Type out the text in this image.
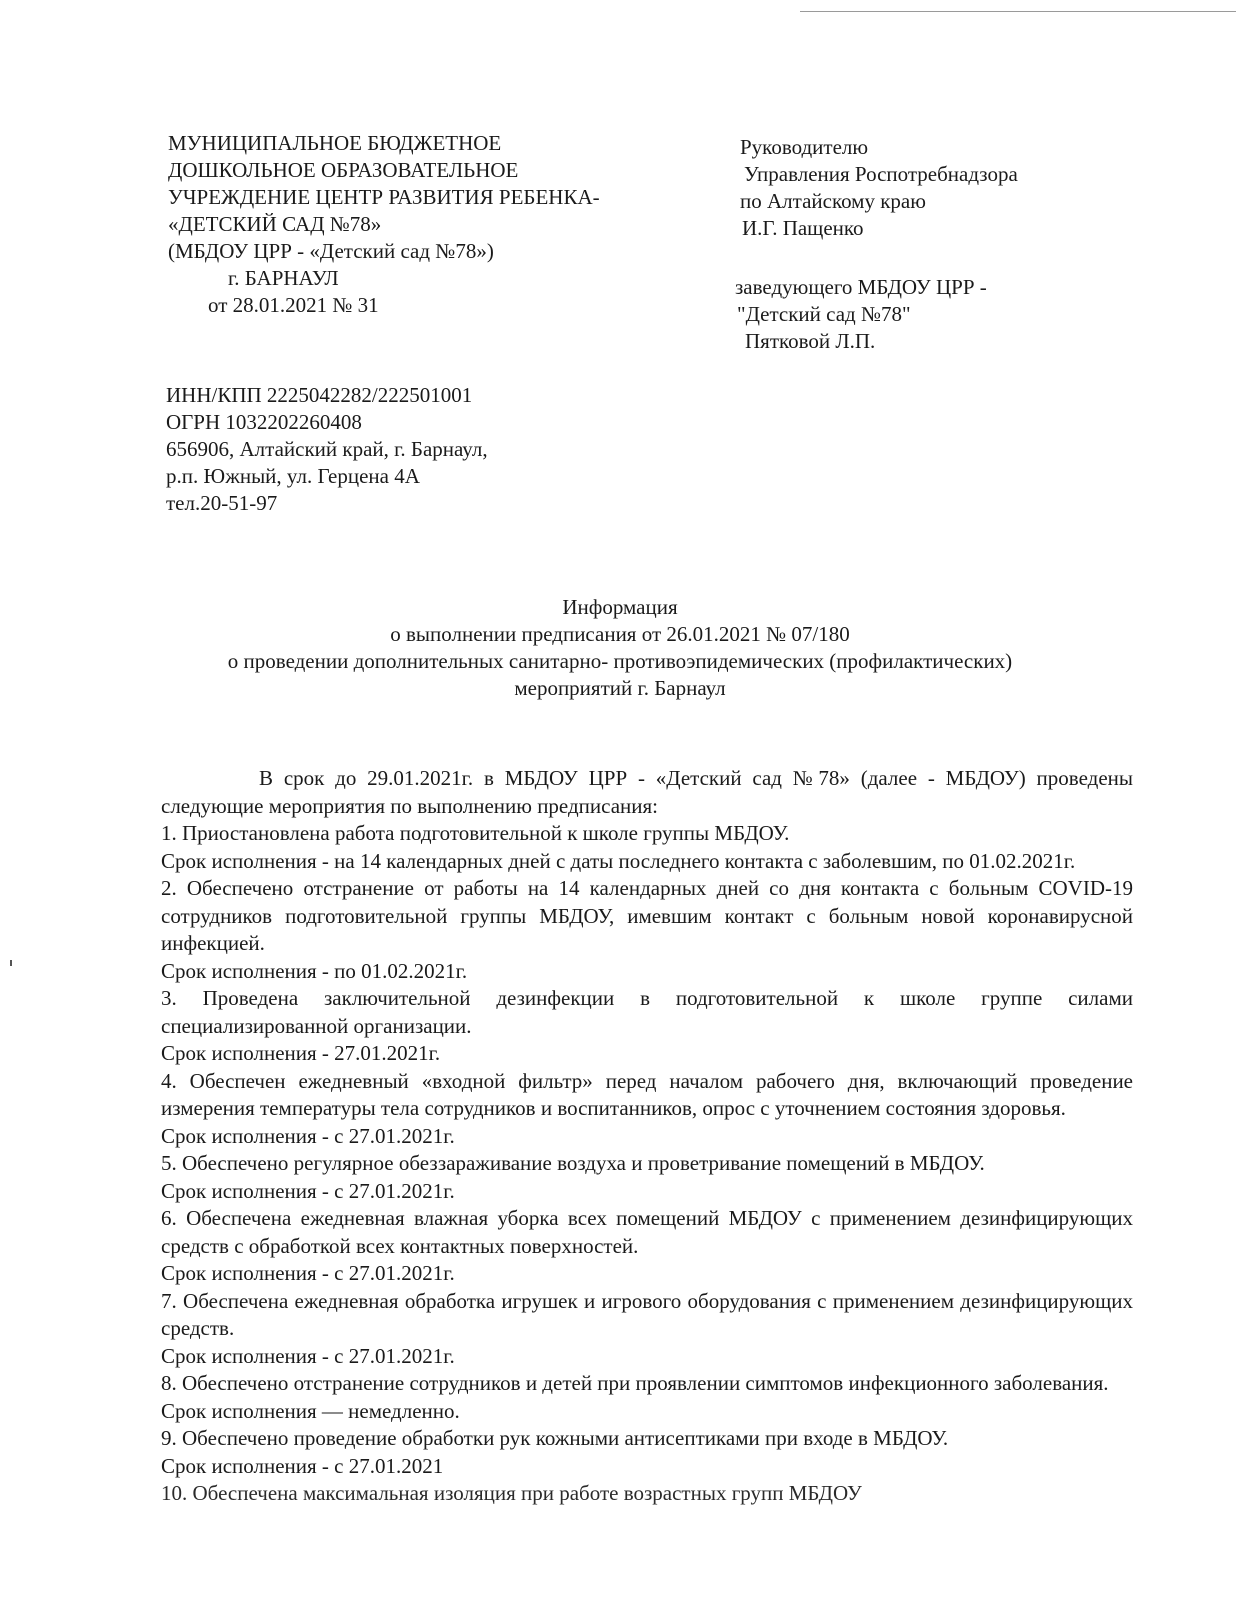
МУНИЦИПАЛЬНОЕ БЮДЖЕТНОЕ
ДОШКОЛЬНОЕ ОБРАЗОВАТЕЛЬНОЕ
УЧРЕЖДЕНИЕ ЦЕНТР РАЗВИТИЯ РЕБЕНКА-
«ДЕТСКИЙ САД №78»
(МБДОУ ЦРР - «Детский сад №78»)
г. БАРНАУЛ
от 28.01.2021 № 31
Руководителю
Управления Роспотребнадзора
по Алтайскому краю
И.Г. Пащенко
заведующего МБДОУ ЦРР -
"Детский сад №78"
Пятковой Л.П.
ИНН/КПП 2225042282/222501001
ОГРН 1032202260408
656906, Алтайский край, г. Барнаул,
р.п. Южный, ул. Герцена 4А
тел.20-51-97
Информация
о выполнении предписания от 26.01.2021 № 07/180
о проведении дополнительных санитарно- противоэпидемических (профилактических)
мероприятий г. Барнаул

В срок до 29.01.2021г. в МБДОУ ЦРР - «Детский сад №78» (далее - МБДОУ) проведены следующие мероприятия по выполнению предписания:

1. Приостановлена работа подготовительной к школе группы МБДОУ.

Срок исполнения - на 14 календарных дней с даты последнего контакта с заболевшим, по 01.02.2021г.

2. Обеспечено отстранение от работы на 14 календарных дней со дня контакта с больным COVID-19 сотрудников подготовительной группы МБДОУ, имевшим контакт с больным новой коронавирусной инфекцией.

Срок исполнения - по 01.02.2021г.

3. Проведена заключительной дезинфекции в подготовительной к школе группе силами специализированной организации.

Срок исполнения - 27.01.2021г.

4. Обеспечен ежедневный «входной фильтр» перед началом рабочего дня, включающий проведение измерения температуры тела сотрудников и воспитанников, опрос с уточнением состояния здоровья.

Срок исполнения - с 27.01.2021г.

5. Обеспечено регулярное обеззараживание воздуха и проветривание помещений в МБДОУ.

Срок исполнения - с 27.01.2021г.

6. Обеспечена ежедневная влажная уборка всех помещений МБДОУ с применением дезинфицирующих средств с обработкой всех контактных поверхностей.

Срок исполнения - с 27.01.2021г.

7. Обеспечена ежедневная обработка игрушек и игрового оборудования с применением дезинфицирующих средств.

Срок исполнения - с 27.01.2021г.

8. Обеспечено отстранение сотрудников и детей при проявлении симптомов инфекционного заболевания.

Срок исполнения — немедленно.

9. Обеспечено проведение обработки рук кожными антисептиками при входе в МБДОУ.

Срок исполнения - с 27.01.2021

10. Обеспечена максимальная изоляция при работе возрастных групп МБДОУ
